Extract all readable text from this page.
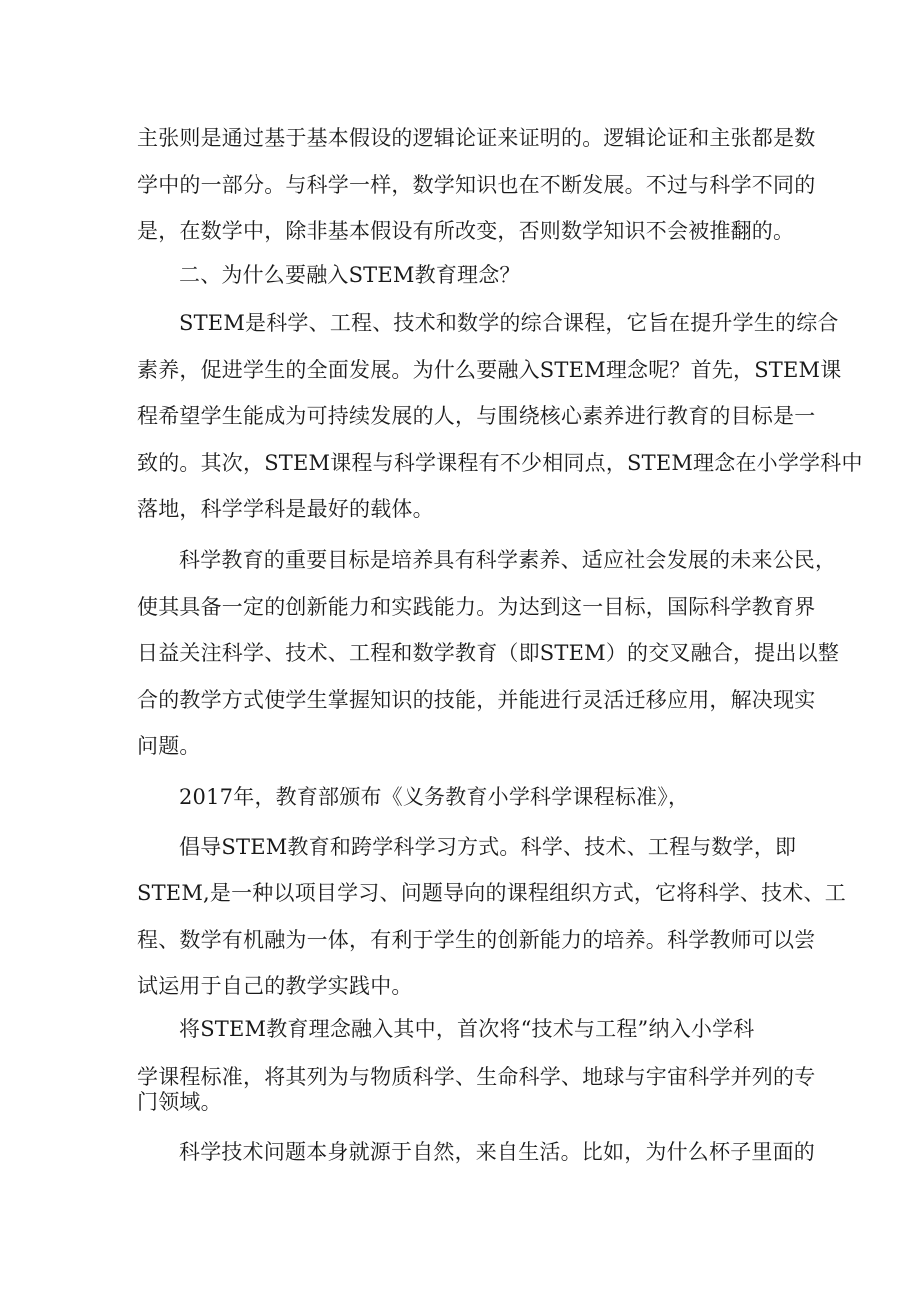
主张则是通过基于基本假设的逻辑论证来证明的。逻辑论证和主张都是数
学中的一部分。与科学一样，数学知识也在不断发展。不过与科学不同的
是，在数学中，除非基本假设有所改变，否则数学知识不会被推翻的。
二、为什么要融入STEM教育理念？
STEM是科学、工程、技术和数学的综合课程，它旨在提升学生的综合
素养，促进学生的全面发展。为什么要融入STEM理念呢？首先，STEM课
程希望学生能成为可持续发展的人，与围绕核心素养进行教育的目标是一
致的。其次，STEM课程与科学课程有不少相同点，STEM理念在小学学科中
落地，科学学科是最好的载体。
科学教育的重要目标是培养具有科学素养、适应社会发展的未来公民，
使其具备一定的创新能力和实践能力。为达到这一目标，国际科学教育界
日益关注科学、技术、工程和数学教育（即STEM）的交叉融合，提出以整
合的教学方式使学生掌握知识的技能，并能进行灵活迁移应用，解决现实
问题。
2017年，教育部颁布《义务教育小学科学课程标准》，
倡导STEM教育和跨学科学习方式。科学、技术、工程与数学，即
STEM,是一种以项目学习、问题导向的课程组织方式，它将科学、技术、工
程、数学有机融为一体，有利于学生的创新能力的培养。科学教师可以尝
试运用于自己的教学实践中。
将STEM教育理念融入其中，首次将“技术与工程”纳入小学科
学课程标准，将其列为与物质科学、生命科学、地球与宇宙科学并列的专
门领域。
科学技术问题本身就源于自然，来自生活。比如，为什么杯子里面的
